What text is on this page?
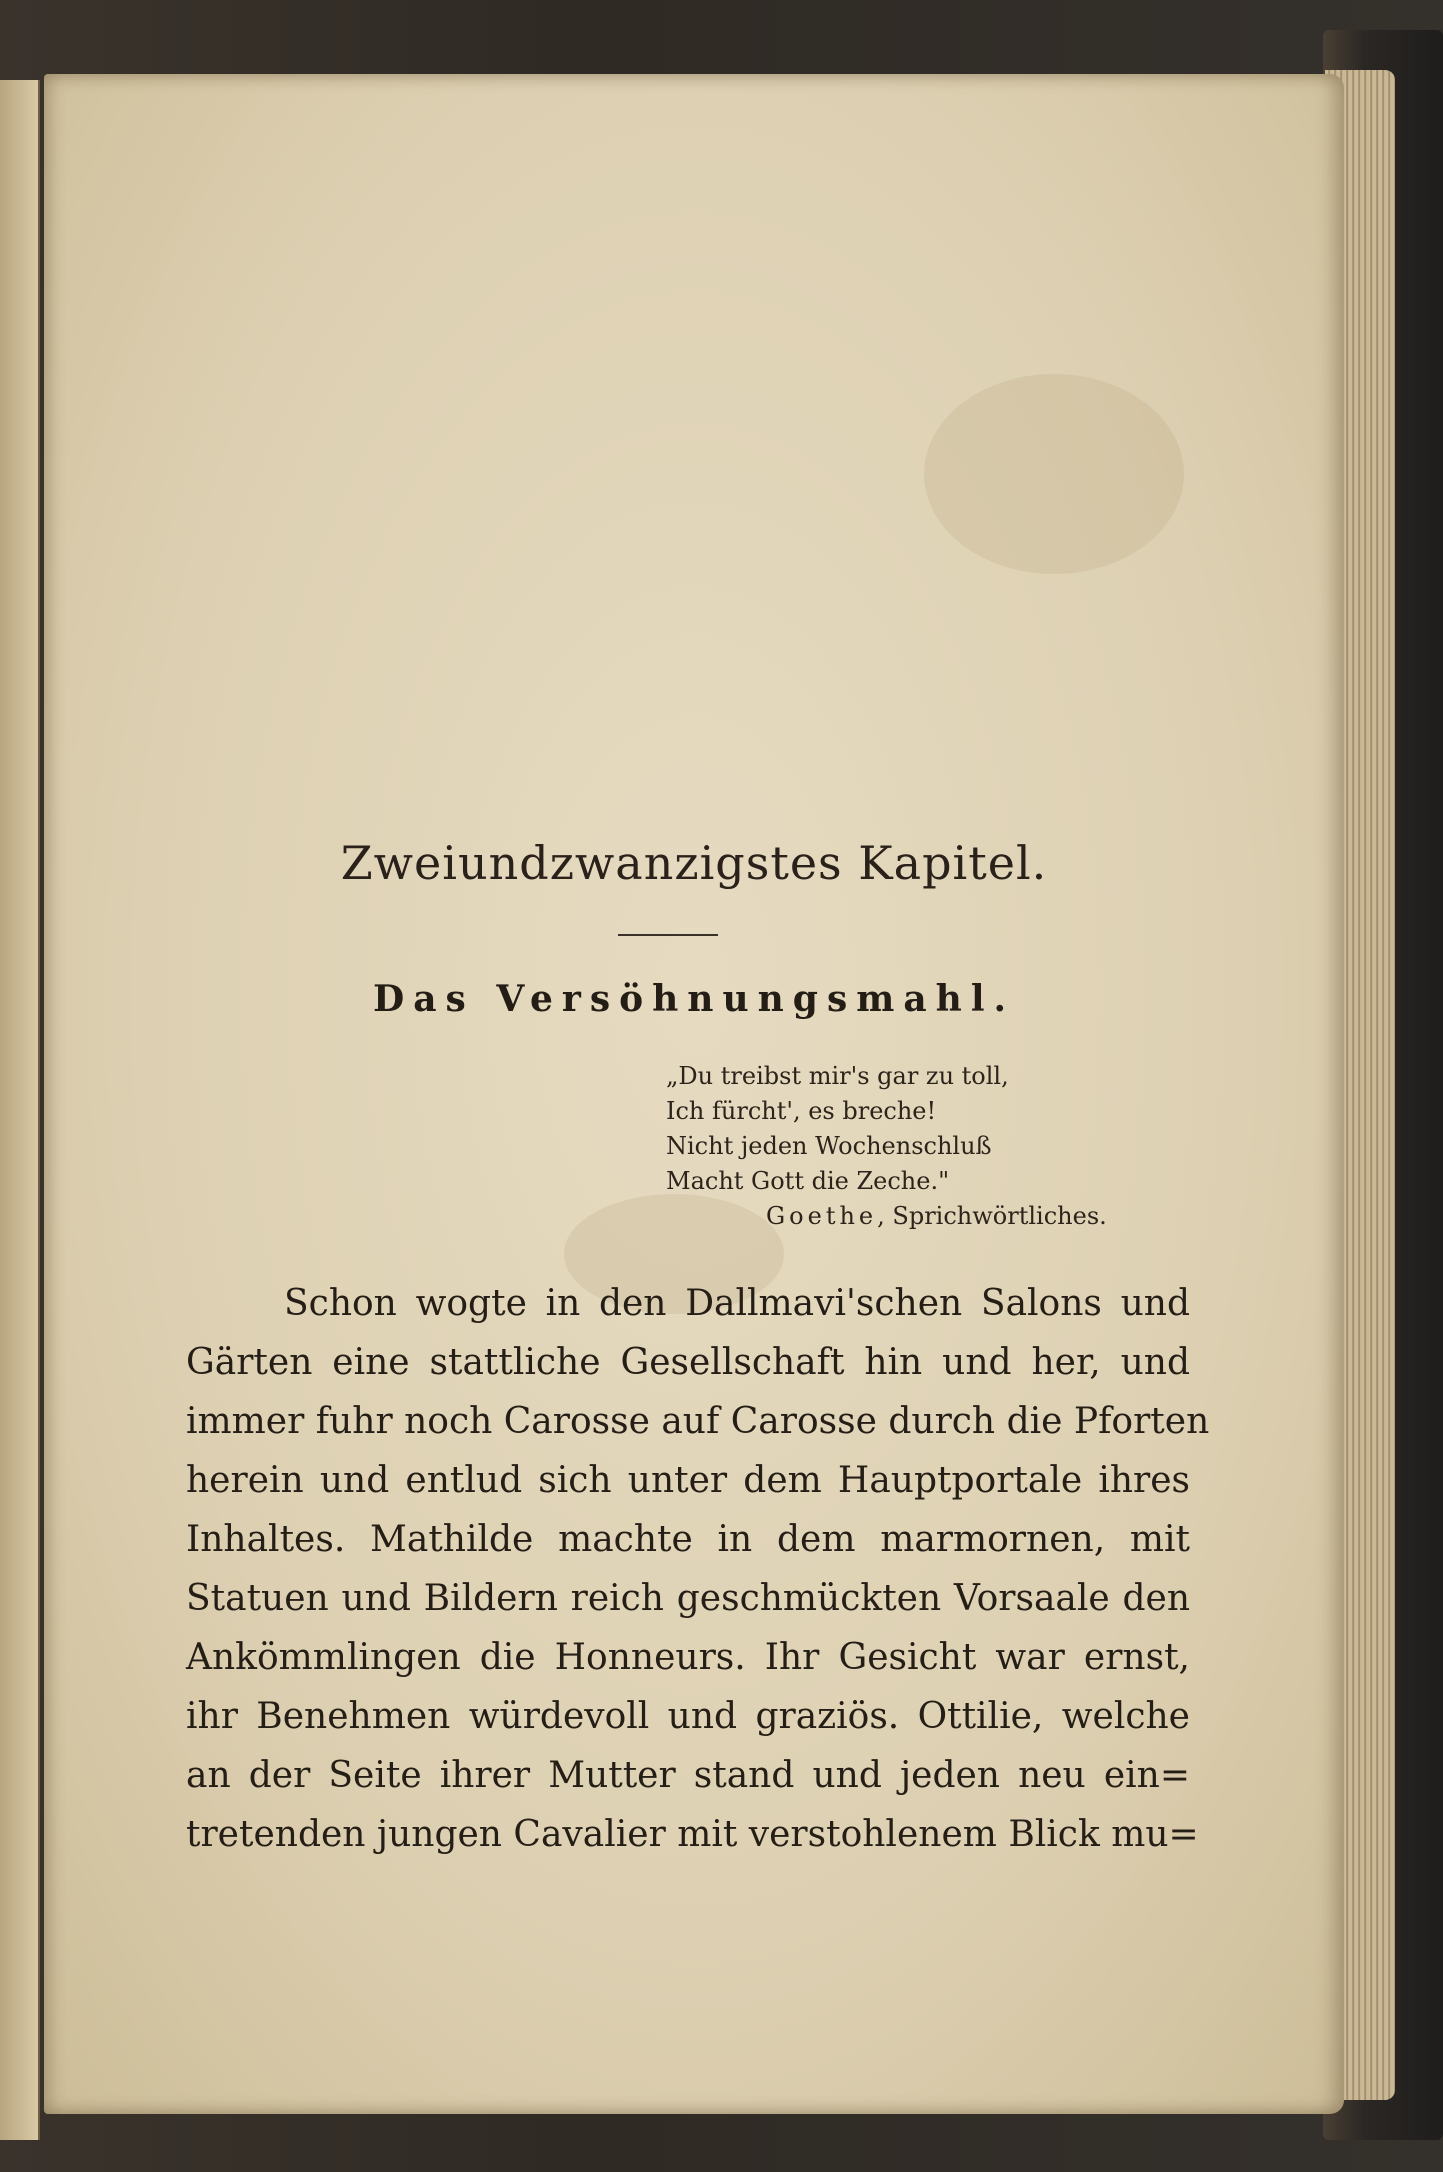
Zweiundzwanzigstes Kapitel.
Das Versöhnungsmahl.
„Du treibst mir's gar zu toll,
Ich fürcht', es breche!
Nicht jeden Wochenschluß
Macht Gott die Zeche."
Goethe, Sprichwörtliches.
Schon wogte in den Dallmavi'schen Salons und
Gärten eine stattliche Gesellschaft hin und her, und
immer fuhr noch Carosse auf Carosse durch die Pforten
herein und entlud sich unter dem Hauptportale ihres
Inhaltes. Mathilde machte in dem marmornen, mit
Statuen und Bildern reich geschmückten Vorsaale den
Ankömmlingen die Honneurs. Ihr Gesicht war ernst,
ihr Benehmen würdevoll und graziös. Ottilie, welche
an der Seite ihrer Mutter stand und jeden neu ein=
tretenden jungen Cavalier mit verstohlenem Blick mu=
